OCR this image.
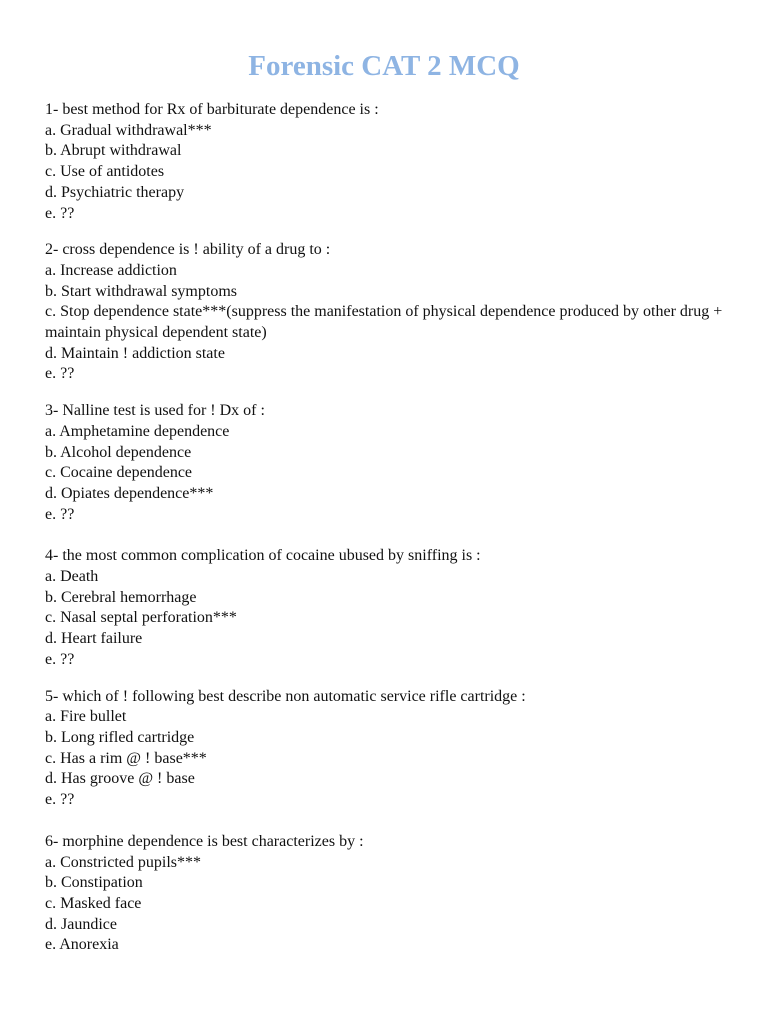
Forensic CAT 2 MCQ
1- best method for Rx of barbiturate dependence is :
a. Gradual withdrawal***
b. Abrupt withdrawal
c. Use of antidotes
d. Psychiatric therapy
e. ??
2- cross dependence is ! ability of a drug to :
a. Increase addiction
b. Start withdrawal symptoms
c. Stop dependence state***(suppress the manifestation of physical dependence produced by other drug + maintain physical dependent state)
d. Maintain ! addiction state
e. ??
3- Nalline test is used for ! Dx of :
a. Amphetamine dependence
b. Alcohol dependence
c. Cocaine dependence
d. Opiates dependence***
e. ??
4- the most common complication of cocaine ubused by sniffing is :
a. Death
b. Cerebral hemorrhage
c. Nasal septal perforation***
d. Heart failure
e. ??
5- which of ! following best describe non automatic service rifle cartridge :
a. Fire bullet
b. Long rifled cartridge
c. Has a rim @ ! base***
d. Has groove @ ! base
e. ??
6- morphine dependence is best characterizes by :
a. Constricted pupils***
b. Constipation
c. Masked face
d. Jaundice
e. Anorexia
